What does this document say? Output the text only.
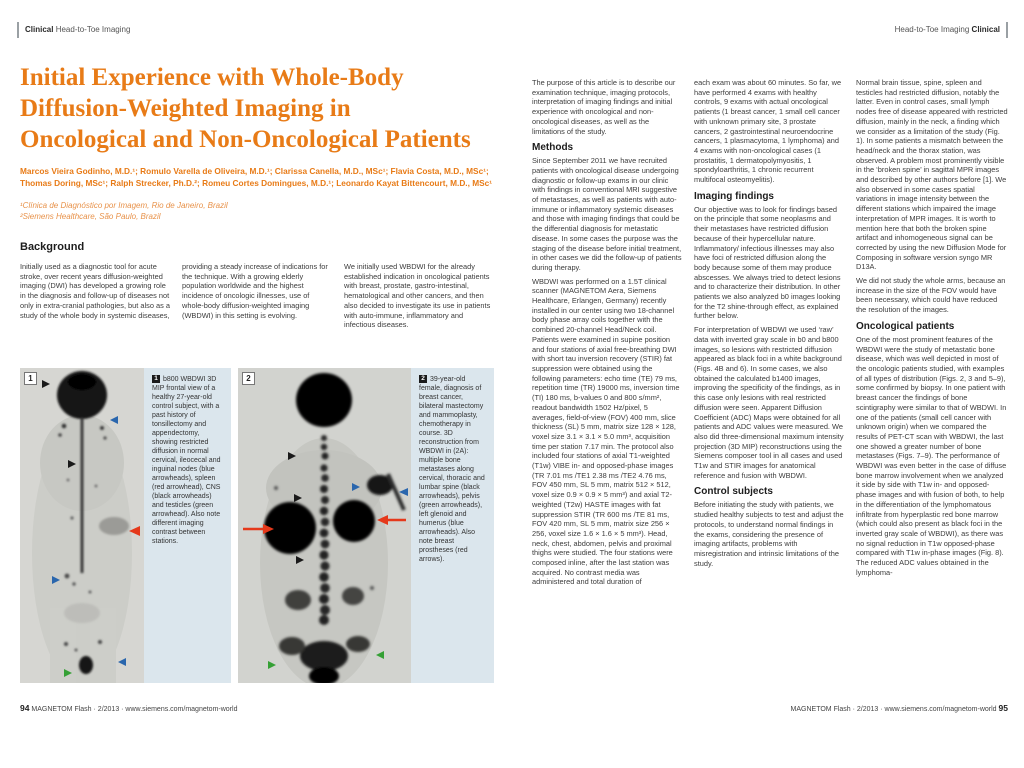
Clinical Head-to-Toe Imaging
Initial Experience with Whole-Body
Diffusion-Weighted Imaging in
Oncological and Non-Oncological Patients
Marcos Vieira Godinho, M.D.¹; Romulo Varella de Oliveira, M.D.¹; Clarissa Canella, M.D., MSc¹; Flavia Costa, M.D., MSc¹;
Thomas Doring, MSc¹; Ralph Strecker, Ph.D.²; Romeu Cortes Domingues, M.D.¹; Leonardo Kayat Bittencourt, M.D., MSc¹
¹Clínica de Diagnóstico por Imagem, Rio de Janeiro, Brazil
²Siemens Healthcare, São Paulo, Brazil
Background

Initially used as a diagnostic tool for acute stroke, over recent years diffusion-weighted imaging (DWI) has developed a growing role in the diagnosis and follow-up of diseases not only in extra-cranial pathologies, but also as a study of the whole body in systemic diseases,

providing a steady increase of indications for the technique. With a growing elderly population worldwide and the highest incidence of oncologic illnesses, use of whole-body diffusion-weighted imaging (WBDWI) in this setting is evolving.

We initially used WBDWI for the already established indication in oncological patients with breast, prostate, gastro-intestinal, hematological and other cancers, and then also decided to investigate its use in patients with auto-immune, inflammatory and infectious diseases.

1	1 b800 WBDWI 3D MIP frontal view of a healthy 27-year-old control subject, with a past history of tonsillectomy and appendectomy, showing restricted diffusion in normal cervical, ileocecal and inguinal nodes (blue arrowheads), spleen (red arrowhead), CNS (black arrowheads) and testicles (green arrowhead). Also note different imaging contrast between stations.
2	2 39-year-old female, diagnosis of breast cancer, bilateral mastectomy and mammoplasty, chemotherapy in course. 3D reconstruction from WBDWI in (2A): multiple bone metastases along cervical, thoracic and lumbar spine (black arrowheads), pelvis (green arrowheads), left glenoid and humerus (blue arrowheads). Also note breast prostheses (red arrows).
94 MAGNETOM Flash · 2/2013 · www.siemens.com/magnetom-world
Head-to-Toe Imaging Clinical

The purpose of this article is to describe our examination technique, imaging protocols, interpretation of imaging findings and initial experience with oncological and non-oncological diseases, as well as the limitations of the study.

Methods

Since September 2011 we have recruited patients with oncological disease undergoing diagnostic or follow-up exams in our clinic with findings in conventional MRI suggestive of metastases, as well as patients with auto-immune or inflammatory systemic diseases and those with imaging findings that could be the differential diagnosis for metastatic disease. In some cases the purpose was the staging of the disease before initial treatment, in other cases we did the follow-up of patients during therapy.

WBDWI was performed on a 1.5T clinical scanner (MAGNETOM Aera, Siemens Healthcare, Erlangen, Germany) recently installed in our center using two 18-channel body phase array coils together with the combined 20-channel Head/Neck coil. Patients were examined in supine position and four stations of axial free-breathing DWI with short tau inversion recovery (STIR) fat suppression were obtained using the following parameters: echo time (TE) 79 ms, repetition time (TR) 19000 ms, inversion time (TI) 180 ms, b-values 0 and 800 s/mm², readout bandwidth 1502 Hz/pixel, 5 averages, field-of-view (FOV) 400 mm, slice thickness (SL) 5 mm, matrix size 128 × 128, voxel size 3.1 × 3.1 × 5.0 mm³, acquisition time per station 7.17 min. The protocol also included four stations of axial T1-weighted (T1w) VIBE in- and opposed-phase images (TR 7.01 ms /TE1 2.38 ms /TE2 4.76 ms, FOV 450 mm, SL 5 mm, matrix 512 × 512, voxel size 0.9 × 0.9 × 5 mm³) and axial T2-weighted (T2w) HASTE images with fat suppression STIR (TR 600 ms /TE 81 ms, FOV 420 mm, SL 5 mm, matrix size 256 × 256, voxel size 1.6 × 1.6 × 5 mm³). Head, neck, chest, abdomen, pelvis and proximal thighs were studied. The four stations were composed inline, after the last station was acquired. No contrast media was administered and total duration of

each exam was about 60 minutes. So far, we have performed 4 exams with healthy controls, 9 exams with actual oncological patients (1 breast cancer, 1 small cell cancer with unknown primary site, 3 prostate cancers, 2 gastrointestinal neuroendocrine cancers, 1 plasmacytoma, 1 lymphoma) and 4 exams with non-oncological cases (1 prostatitis, 1 dermatopolymyositis, 1 spondyloarthritis, 1 chronic recurrent multifocal osteomyelitis).

Imaging findings

Our objective was to look for findings based on the principle that some neoplasms and their metastases have restricted diffusion because of their hypercellular nature. Inflammatory/ infectious illnesses may also have foci of restricted diffusion along the body because some of them may produce abscesses. We always tried to detect lesions and to characterize their distribution. In other patients we also analyzed b0 images looking for the T2 shine-through effect, as explained further below.

For interpretation of WBDWI we used ‘raw’ data with inverted gray scale in b0 and b800 images, so lesions with restricted diffusion appeared as black foci in a white background (Figs. 4B and 6). In some cases, we also obtained the calculated b1400 images, improving the specificity of the findings, as in this case only lesions with real restricted diffusion were seen. Apparent Diffusion Coefficient (ADC) Maps were obtained for all patients and ADC values were measured. We also did three-dimensional maximum intensity projection (3D MIP) reconstructions using the Siemens composer tool in all cases and used T1w and STIR images for anatomical reference and fusion with WBDWI.

Control subjects

Before initiating the study with patients, we studied healthy subjects to test and adjust the protocols, to understand normal findings in the exams, considering the presence of imaging artifacts, problems with misregistration and intrinsic limitations of the study.

Normal brain tissue, spine, spleen and testicles had restricted diffusion, notably the latter. Even in control cases, small lymph nodes free of disease appeared with restricted diffusion, mainly in the neck, a finding which we consider as a limitation of the study (Fig. 1). In some patients a mismatch between the head/neck and the thorax station, was observed. A problem most prominently visible in the ‘broken spine’ in sagittal MPR images and described by other authors before [1]. We also observed in some cases spatial variations in image intensity between the different stations which impaired the image interpretation of MPR images. It is worth to mention here that both the broken spine artifact and inhomogeneous signal can be corrected by using the new Diffusion Mode for Composing in software version syngo MR D13A.

We did not study the whole arms, because an increase in the size of the FOV would have been necessary, which could have reduced the resolution of the images.

Oncological patients

One of the most prominent features of the WBDWI were the study of metastatic bone disease, which was well depicted in most of the oncologic patients studied, with examples of all types of distribution (Figs. 2, 3 and 5–9), some confirmed by biopsy. In one patient with breast cancer the findings of bone scintigraphy were similar to that of WBDWI. In one of the patients (small cell cancer with unknown origin) when we compared the results of PET-CT scan with WBDWI, the last one showed a greater number of bone metastases (Figs. 7–9). The performance of WBDWI was even better in the case of diffuse bone marrow involvement when we analyzed it side by side with T1w in- and opposed-phase images and with fusion of both, to help in the differentiation of the lymphomatous infiltrate from hyperplastic red bone marrow (which could also present as black foci in the inverted gray scale of WBDWI), as there was no signal reduction in T1w opposed-phase compared with T1w in-phase images (Fig. 8). The reduced ADC values obtained in the lymphoma-

MAGNETOM Flash · 2/2013 · www.siemens.com/magnetom-world 95
